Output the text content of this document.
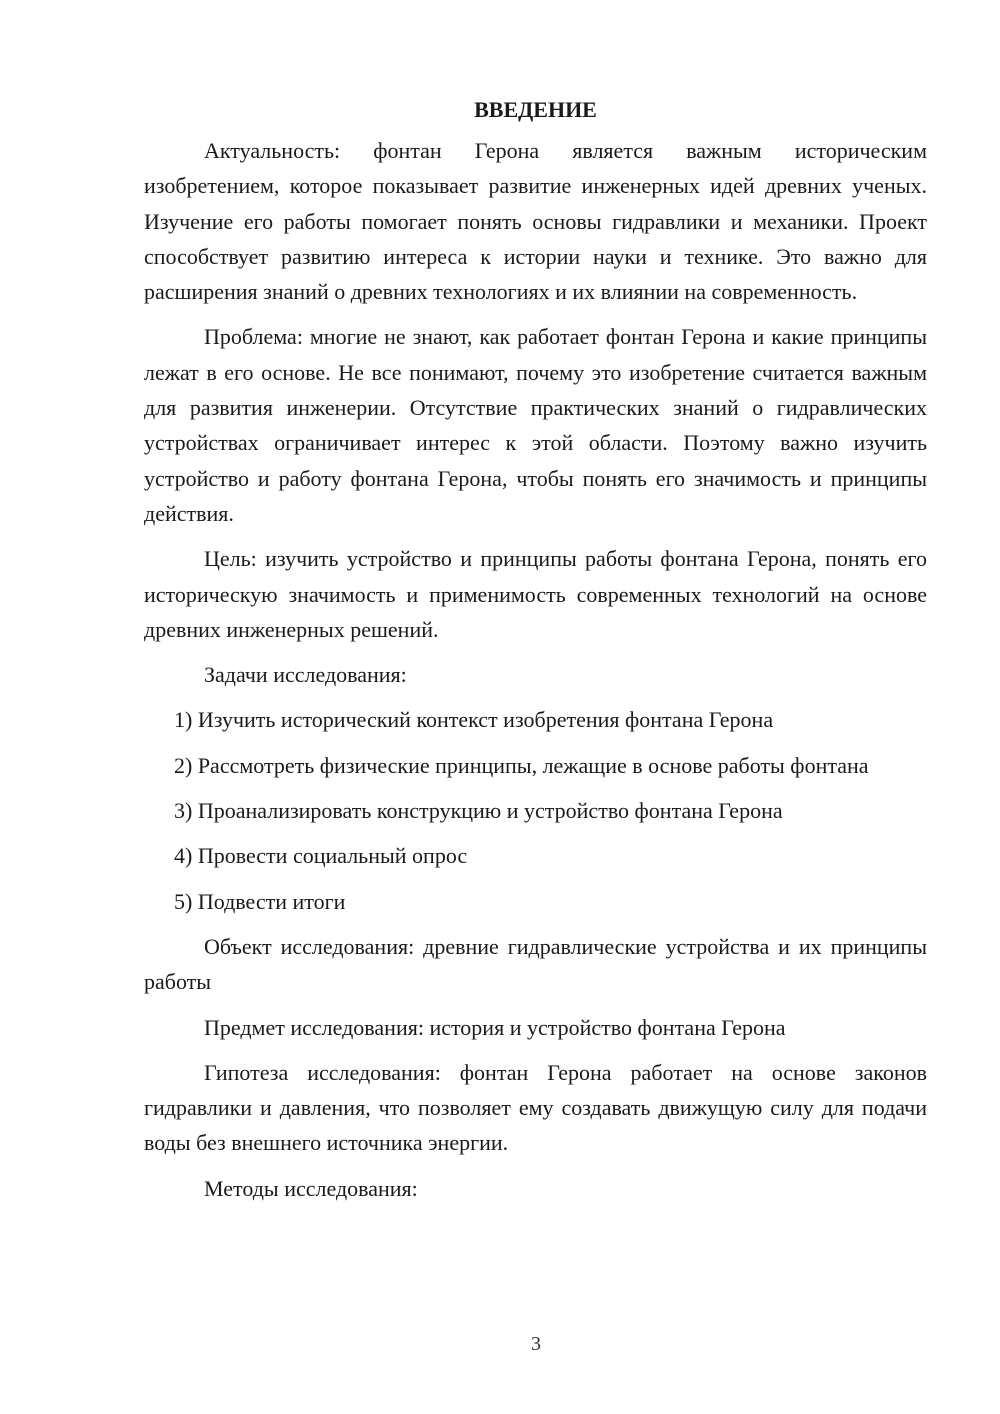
ВВЕДЕНИЕ

Актуальность: фонтан Герона является важным историческим изобретением, которое показывает развитие инженерных идей древних ученых. Изучение его работы помогает понять основы гидравлики и механики. Проект способствует развитию интереса к истории науки и технике. Это важно для расширения знаний о древних технологиях и их влиянии на современность.

Проблема: многие не знают, как работает фонтан Герона и какие принципы лежат в его основе. Не все понимают, почему это изобретение считается важным для развития инженерии. Отсутствие практических знаний о гидравлических устройствах ограничивает интерес к этой области. Поэтому важно изучить устройство и работу фонтана Герона, чтобы понять его значимость и принципы действия.

Цель: изучить устройство и принципы работы фонтана Герона, понять его историческую значимость и применимость современных технологий на основе древних инженерных решений.

Задачи исследования:

1) Изучить исторический контекст изобретения фонтана Герона

2) Рассмотреть физические принципы, лежащие в основе работы фонтана

3) Проанализировать конструкцию и устройство фонтана Герона

4) Провести социальный опрос

5) Подвести итоги

Объект исследования: древние гидравлические устройства и их принципы работы

Предмет исследования: история и устройство фонтана Герона

Гипотеза исследования: фонтан Герона работает на основе законов гидравлики и давления, что позволяет ему создавать движущую силу для подачи воды без внешнего источника энергии.

Методы исследования:

3
